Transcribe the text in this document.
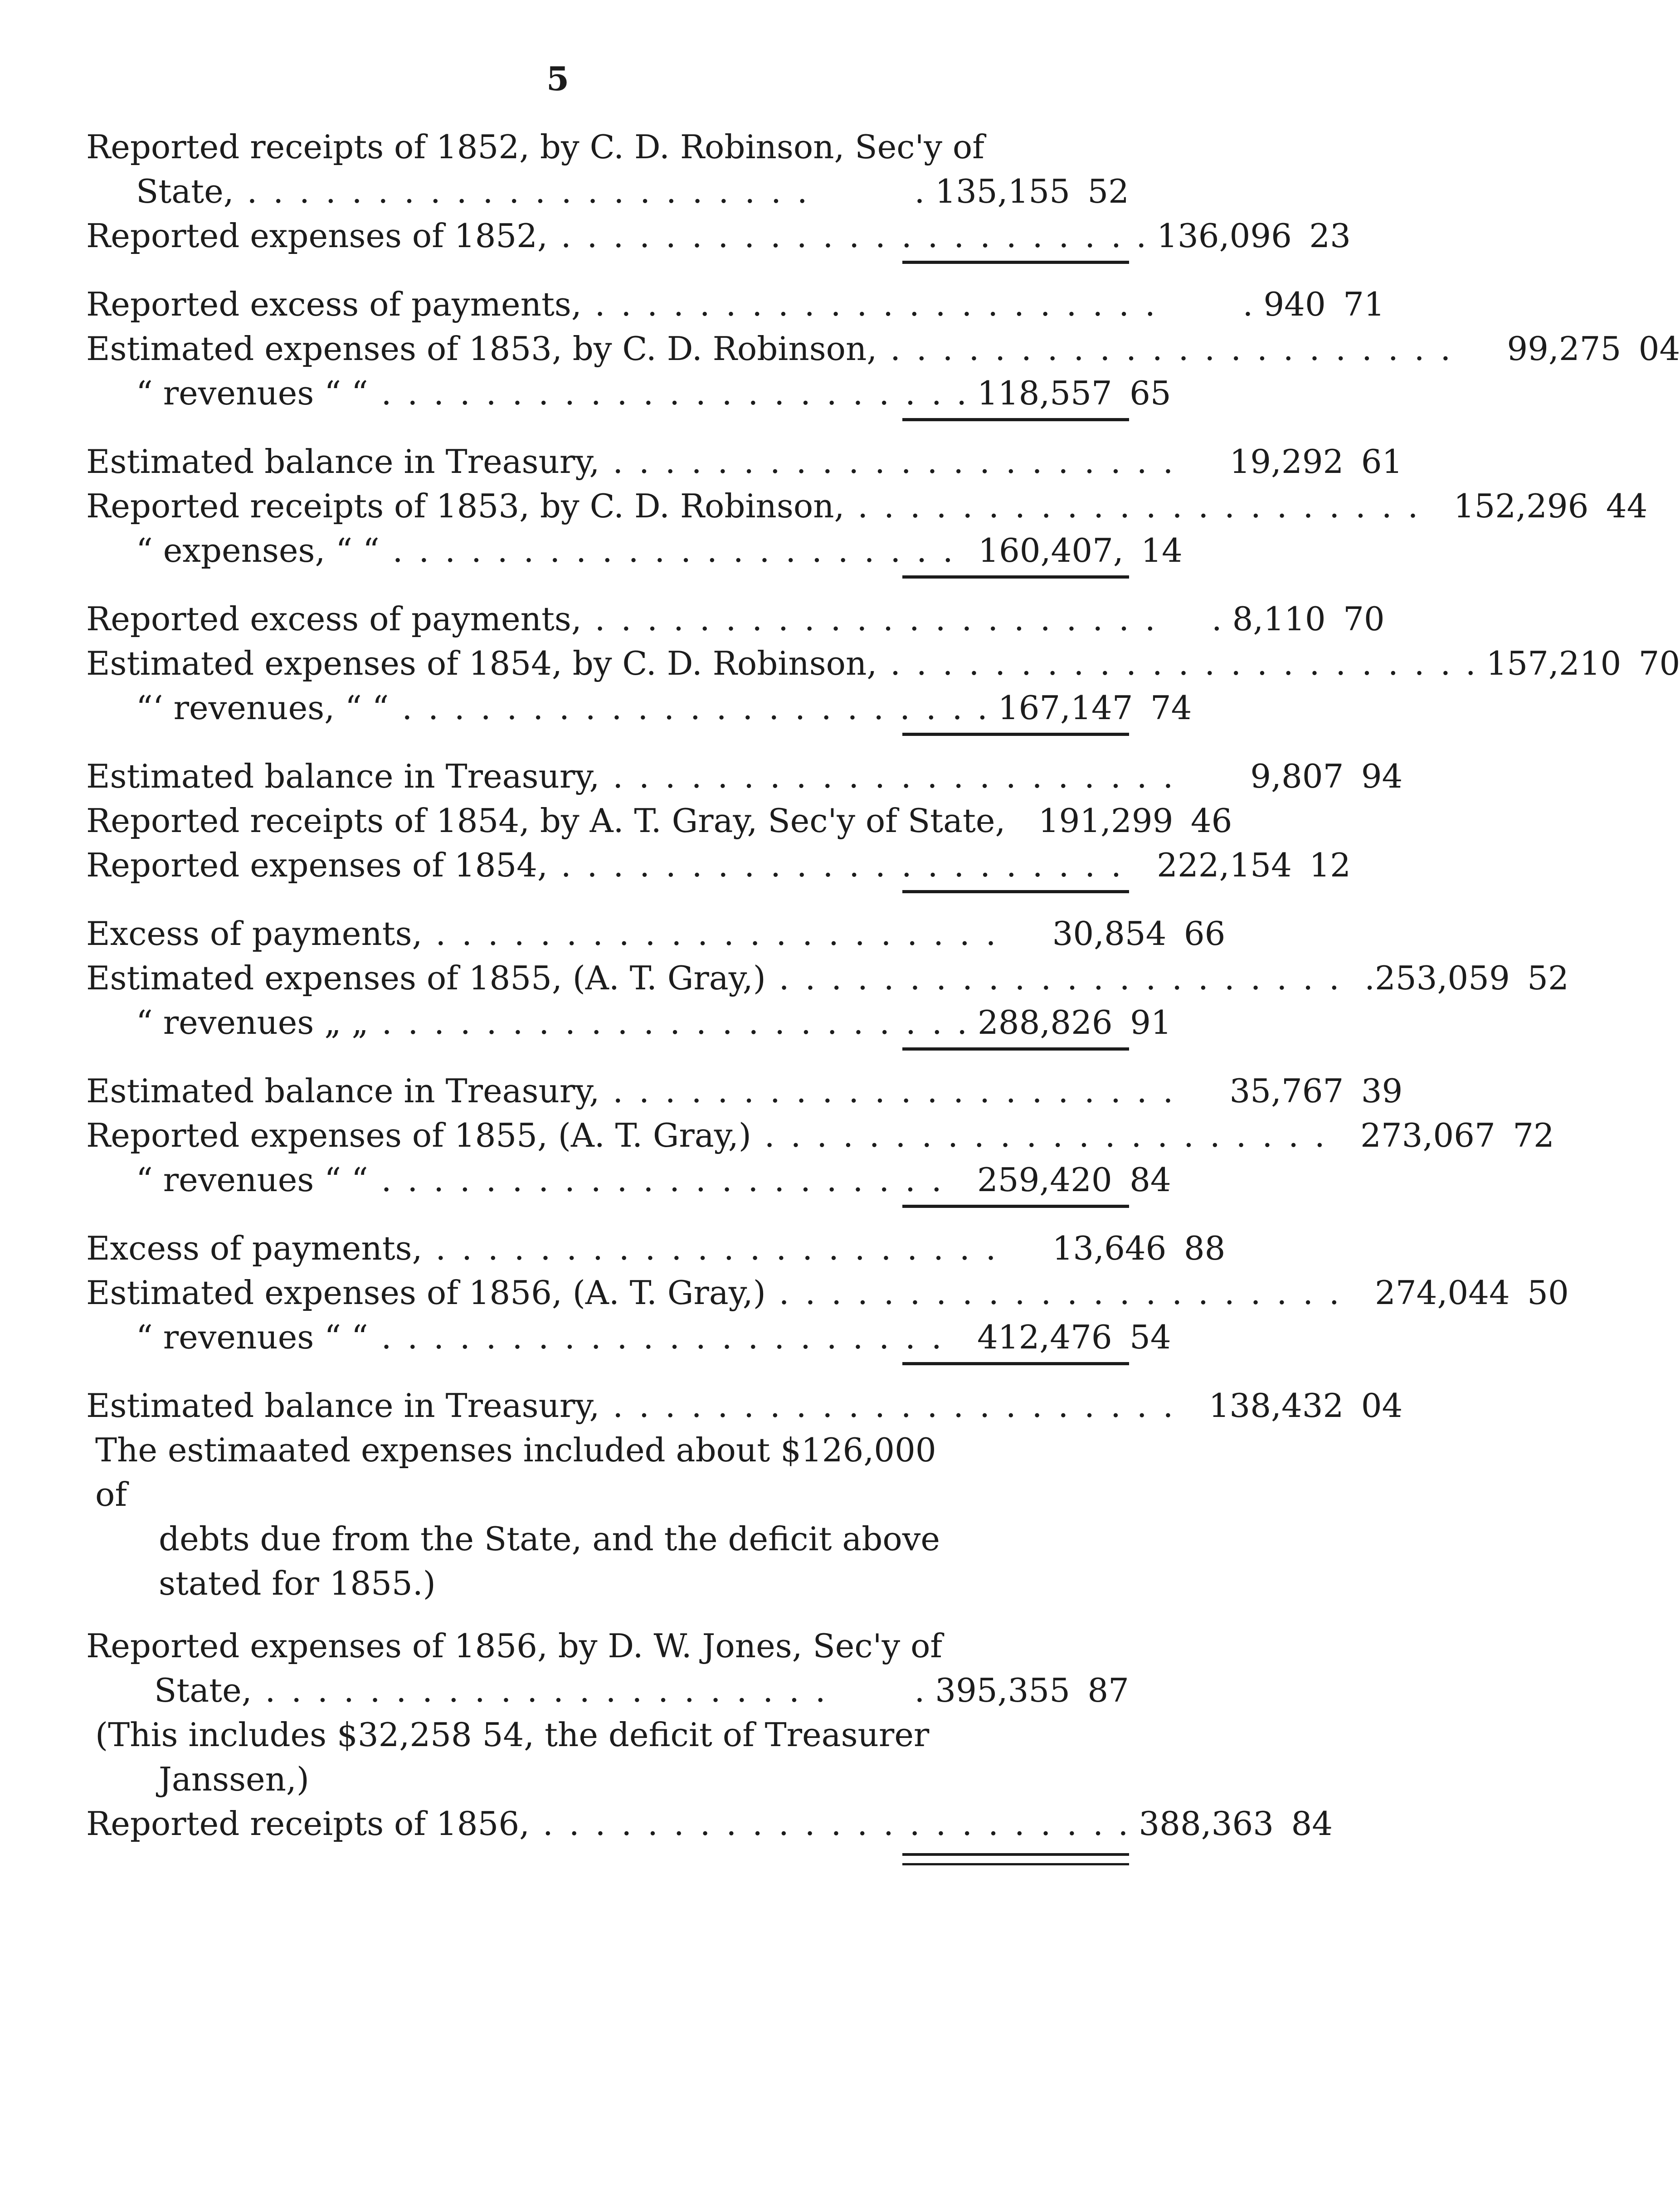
5
Reported receipts of 1852, by C. D. Robinson, Sec'y of
State, . .	. 135,155 52
Reported expenses of 1852, . .	. 136,096 23
Reported excess of payments, . .	. 940 71
Estimated expenses of 1853, by C. D. Robinson, . .	99,275 04
“ revenues “ “ . .	. 118,557 65
Estimated balance in Treasury, . .	19,292 61
Reported receipts of 1853, by C. D. Robinson, . .	152,296 44
“ expenses, “ “ . .	160,407, 14
Reported excess of payments, . .	. 8,110 70
Estimated expenses of 1854, by C. D. Robinson, . .	. 157,210 70
“‘ revenues, “ “ . .	. 167,147 74
Estimated balance in Treasury, . .	9,807 94
Reported receipts of 1854, by A. T. Gray, Sec'y of State,	191,299 46
Reported expenses of 1854, . .	222,154 12
Excess of payments, . .	30,854 66
Estimated expenses of 1855, (A. T. Gray,) . .	.253,059 52
“ revenues „ „ . .	. 288,826 91
Estimated balance in Treasury, . .	35,767 39
Reported expenses of 1855, (A. T. Gray,) . .	273,067 72
“ revenues “ “ . .	259,420 84
Excess of payments, . .	13,646 88
Estimated expenses of 1856, (A. T. Gray,) . .	274,044 50
“ revenues “ “ . .	412,476 54
Estimated balance in Treasury, . .	138,432 04
The estimaated expenses included about $126,000 of
debts due from the State, and the deficit above
stated for 1855.)
Reported expenses of 1856, by D. W. Jones, Sec'y of
State, . .	. 395,355 87
(This includes $32,258 54, the deficit of Treasurer
Janssen,)
Reported receipts of 1856, . .	. 388,363 84
